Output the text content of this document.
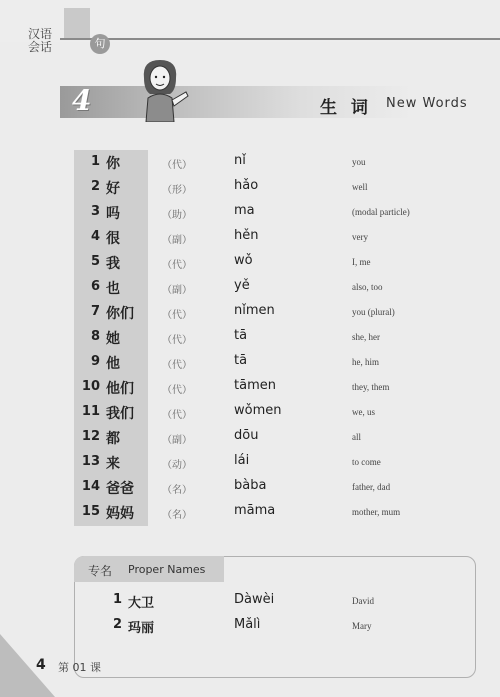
汉语
会话	句
4	生 词 New Words
1 你	（代）	nǐ	you
2 好	（形）	hǎo	well
3 吗	（助）	ma	(modal particle)
4 很	（副）	hěn	very
5 我	（代）	wǒ	I, me
6 也	（副）	yě	also, too
7 你们	（代）	nǐmen	you (plural)
8 她	（代）	tā	she, her
9 他	（代）	tā	he, him
10 他们	（代）	tāmen	they, them
11 我们	（代）	wǒmen	we, us
12 都	（副）	dōu	all
13 来	（动）	lái	to come
14 爸爸	（名）	bàba	father, dad
15 妈妈	（名）	māma	mother, mum
专名 Proper Names
1 大卫	Dàwèi	David
2 玛丽	Mǎlì	Mary
4 第 01 课
